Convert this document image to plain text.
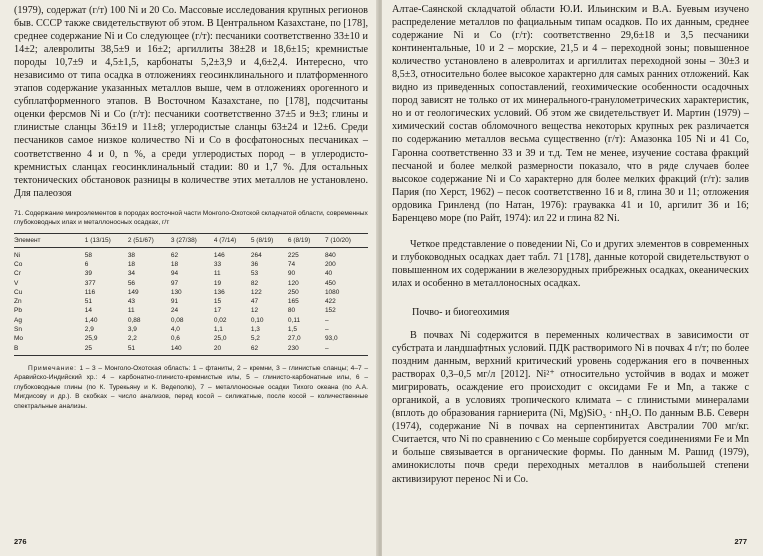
(1979), содержат (г/т) 100 Ni и 20 Co. Массовые исследования крупных регионов быв. СССР также свидетельствуют об этом. В Центральном Казахстане, по [178], среднее содержание Ni и Co следующее (г/т): песчаники соответственно 33±10 и 14±2; алевролиты 38,5±9 и 16±2; аргиллиты 38±28 и 18,6±15; кремнистые породы 10,7±9 и 4,5±1,5, карбонаты 5,2±3,9 и 4,6±2,4. Интересно, что независимо от типа осадка в отложениях геосинклинального и платформенного этапов содержание указанных металлов выше, чем в отложениях орогенного и субплатформенного этапов. В Восточном Казахстане, по [178], подсчитаны оценки ферсмов Ni и Co (г/т): песчаники соответственно 37±5 и 9±3; глины и глинистые сланцы 36±19 и 11±8; углеродистые сланцы 63±24 и 12±6. Среди песчаников самое низкое количество Ni и Co в фосфатоносных песчаниках – соответственно 4 и 0, n %, а среди углеродистых пород – в углеродисто-кремнистых сланцах геосинклинальный стадии: 80 и 1,7 %. Для остальных тектонических обстановок разницы в количестве этих металлов не установлено. Для палеозоя

71. Содержание микроэлементов в породах восточной части Монголо-Охотской складчатой области, современных глубоководных илах и металлоносных осадках, г/т
Элемент	1 (13/15)	2 (51/67)	3 (27/38)	4 (7/14)	5 (8/19)	6 (8/19)	7 (10/20)
Ni	58	38	62	146	264	225	840
Co	6	18	18	33	36	74	200
Cr	39	34	94	11	53	90	40
V	377	56	97	19	82	120	450
Cu	116	149	130	136	122	250	1080
Zn	51	43	91	15	47	165	422
Pb	14	11	24	17	12	80	152
Ag	1,40	0,88	0,08	0,02	0,10	0,11	–
Sn	2,9	3,9	4,0	1,1	1,3	1,5	–
Mo	25,9	2,2	0,6	25,0	5,2	27,0	93,0
B	25	51	140	20	62	230	–

Примечание: 1 – 3 – Монголо-Охотская область: 1 – фтаниты, 2 – кремни, 3 – глинистые сланцы; 4–7 – Аравийско-Индийский хр.: 4 – карбонатно-глинисто-кремнистые илы, 5 – глинисто-карбонатные илы, 6 – глубоководные глины (по К. Турекьяну и К. Ведеполю), 7 – металлоносные осадки Тихого океана (по А.А. Мигдисову и др.). В скобках – число анализов, перед косой – силикатные, после косой – количественные спектральные анализы.

276

Алтае-Саянской складчатой области Ю.И. Ильинским и В.А. Буевым изучено распределение металлов по фациальным типам осадков. По их данным, среднее содержание Ni и Co (г/т): соответственно 29,6±18 и 3,5 песчаники континентальные, 10 и 2 – морские, 21,5 и 4 – переходной зоны; повышенное количество установлено в алевролитах и аргиллитах переходной зоны – 30±3 и 8,5±3, относительно более высокое характерно для самых ранних отложений. Как видно из приведенных сопоставлений, геохимические особенности осадочных пород зависят не только от их минерального-гранулометрических характеристик, но и от геологических условий. Об этом же свидетельствует И. Мартин (1979) – химический состав обломочного вещества некоторых крупных рек различается по содержанию металлов весьма существенно (г/т): Амазонка 105 Ni и 41 Co, Гаронна соответственно 33 и 39 и т.д. Тем не менее, изучение состава фракций песчаной и более мелкой размерности показало, что в ряде случаев более высокое содержание Ni и Co характерно для более мелких фракций (г/т): залив Пария (по Херст, 1962) – песок соответственно 16 и 8, глина 30 и 11; отложения ордовика Гринленд (по Натан, 1976): граувакка 41 и 10, аргилит 36 и 16; Баренцево море (по Райт, 1974): ил 22 и глина 82 Ni.

Четкое представление о поведении Ni, Co и других элементов в современных и глубоководных осадках дает табл. 71 [178], данные которой свидетельствуют о повышенном их содержании в железорудных прибрежных осадках, океанических илах и особенно в металлоносных осадках.

Почво- и биогеохимия

В почвах Ni содержится в переменных количествах в зависимости от субстрата и ландшафтных условий. ПДК растворимого Ni в почвах 4 г/т; по более поздним данным, верхний критический уровень содержания его в почвенных растворах 0,3–0,5 мг/л [2012]. Ni²⁺ относительно устойчив в водах и может мигрировать, осаждение его происходит с оксидами Fe и Mn, а также с органикой, а в условиях тропического климата – с глинистыми минералами (вплоть до образования гарниерита (Ni, Mg)SiO₃ · nH₂O. По данным В.Б. Северн (1974), содержание Ni в почвах на серпентинитах Австралии 700 мг/кг. Считается, что Ni по сравнению с Co меньше сорбируется соединениями Fe и Mn и больше связывается в органические формы. По данным М. Рашид (1979), аминокислоты почв среди переходных металлов в наибольшей степени активизируют перенос Ni и Co.

277
